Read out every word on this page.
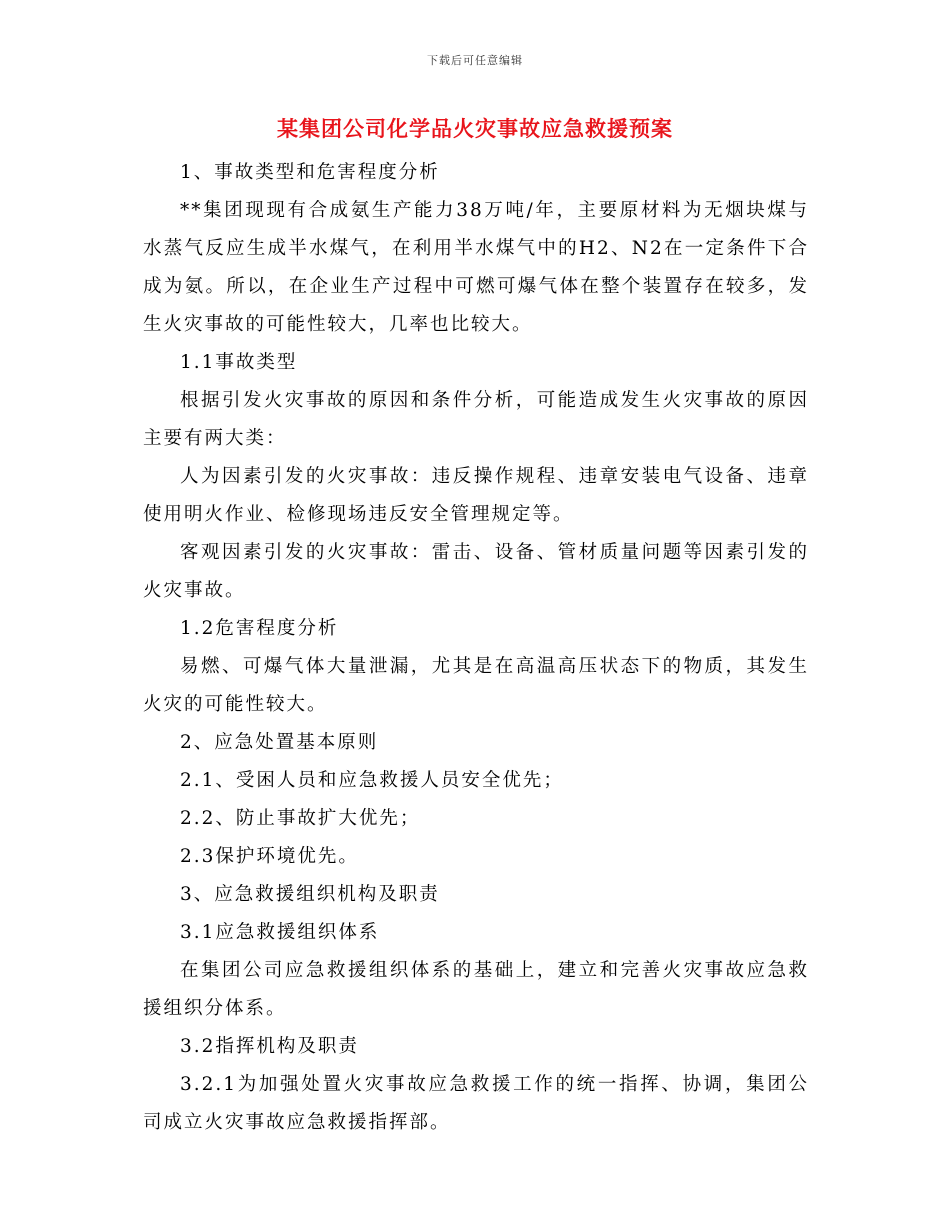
下载后可任意编辑
某集团公司化学品火灾事故应急救援预案

1、事故类型和危害程度分析

**集团现现有合成氨生产能力38万吨/年，主要原材料为无烟块煤与水蒸气反应生成半水煤气，在利用半水煤气中的H2、N2在一定条件下合成为氨。所以，在企业生产过程中可燃可爆气体在整个装置存在较多，发生火灾事故的可能性较大，几率也比较大。

1.1事故类型

根据引发火灾事故的原因和条件分析，可能造成发生火灾事故的原因主要有两大类：

人为因素引发的火灾事故：违反操作规程、违章安装电气设备、违章使用明火作业、检修现场违反安全管理规定等。

客观因素引发的火灾事故：雷击、设备、管材质量问题等因素引发的火灾事故。

1.2危害程度分析

易燃、可爆气体大量泄漏，尤其是在高温高压状态下的物质，其发生火灾的可能性较大。

2、应急处置基本原则

2.1、受困人员和应急救援人员安全优先；

2.2、防止事故扩大优先；

2.3保护环境优先。

3、应急救援组织机构及职责

3.1应急救援组织体系

在集团公司应急救援组织体系的基础上，建立和完善火灾事故应急救援组织分体系。

3.2指挥机构及职责

3.2.1为加强处置火灾事故应急救援工作的统一指挥、协调，集团公司成立火灾事故应急救援指挥部。
